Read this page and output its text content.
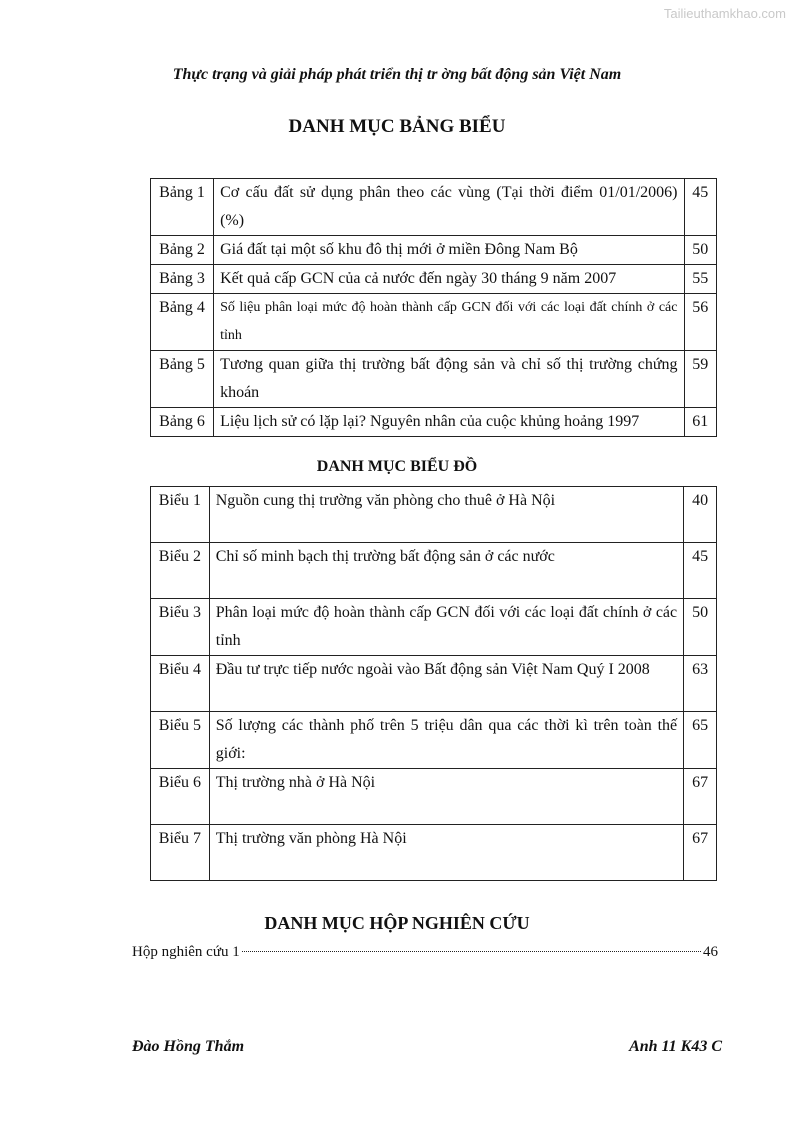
Tailieuthamkhao.com
Thực trạng và giải pháp phát triển thị tr ờng bất động sản Việt Nam
DANH MỤC BẢNG BIỂU
Bảng 1	Cơ cấu đất sử dụng phân theo các vùng (Tại thời điểm 01/01/2006) (%)	45
Bảng 2	Giá đất tại một số khu đô thị mới ở miền Đông Nam Bộ	50
Bảng 3	Kết quả cấp GCN của cả nước đến ngày 30 tháng 9 năm 2007	55
Bảng 4	Số liệu phân loại mức độ hoàn thành cấp GCN đối với các loại đất chính ở các tỉnh	56
Bảng 5	Tương quan giữa thị trường bất động sản và chỉ số thị trường chứng khoán	59
Bảng 6	Liệu lịch sử có lặp lại? Nguyên nhân của cuộc khủng hoảng 1997	61
DANH MỤC BIỂU ĐỒ
Biểu 1	Nguồn cung thị trường văn phòng cho thuê ở Hà Nội	40
Biểu 2	Chỉ số minh bạch thị trường bất động sản ở các nước	45
Biểu 3	Phân loại mức độ hoàn thành cấp GCN đối với các loại đất chính ở các tỉnh	50
Biểu 4	Đầu tư trực tiếp nước ngoài vào Bất động sản Việt Nam Quý I 2008	63
Biểu 5	Số lượng các thành phố trên 5 triệu dân qua các thời kì trên toàn thế giới:	65
Biểu 6	Thị trường nhà ở Hà Nội	67
Biểu 7	Thị trường văn phòng Hà Nội	67
DANH MỤC HỘP NGHIÊN CỨU
Hộp nghiên cứu 1	46
Đào Hồng Thắm	Anh 11 K43 C
